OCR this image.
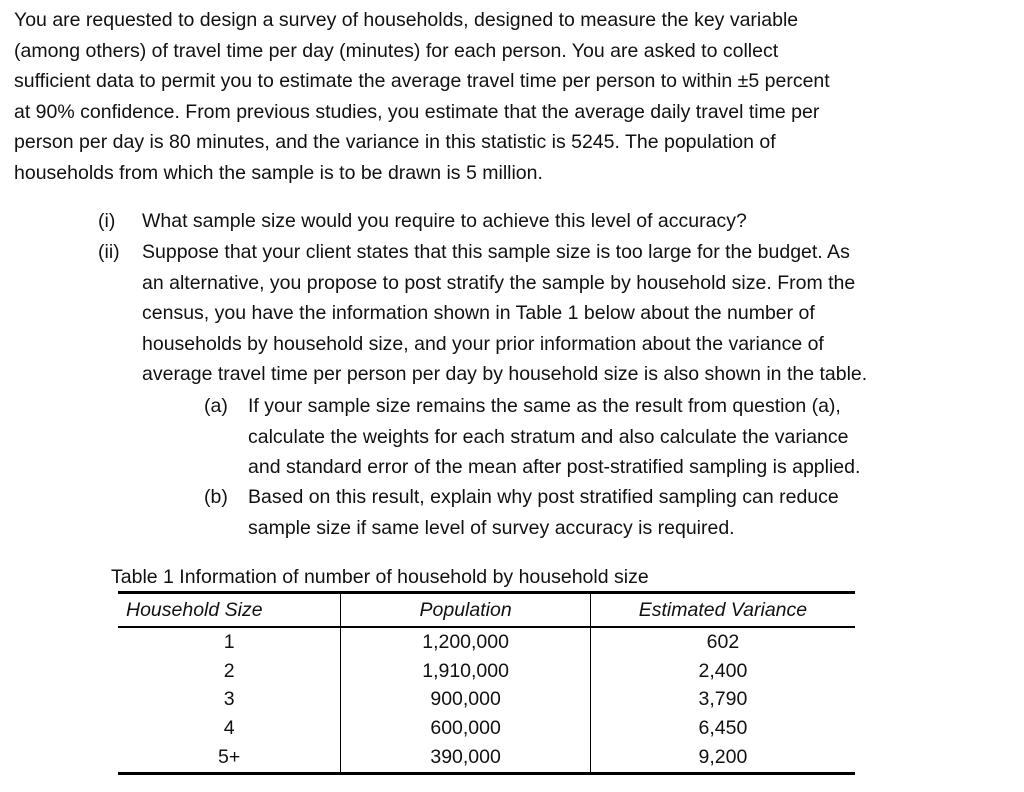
You are requested to design a survey of households, designed to measure the key variable
(among others) of travel time per day (minutes) for each person. You are asked to collect
sufficient data to permit you to estimate the average travel time per person to within ±5 percent
at 90% confidence. From previous studies, you estimate that the average daily travel time per
person per day is 80 minutes, and the variance in this statistic is 5245. The population of
households from which the sample is to be drawn is 5 million.

(i) What sample size would you require to achieve this level of accuracy?
(ii) Suppose that your client states that this sample size is too large for the budget. As
an alternative, you propose to post stratify the sample by household size. From the
census, you have the information shown in Table 1 below about the number of
households by household size, and your prior information about the variance of
average travel time per person per day by household size is also shown in the table.
(a) If your sample size remains the same as the result from question (a),
calculate the weights for each stratum and also calculate the variance
and standard error of the mean after post-stratified sampling is applied.
(b) Based on this result, explain why post stratified sampling can reduce
sample size if same level of survey accuracy is required.

Table 1 Information of number of household by household size

Household Size	Population	Estimated Variance
1	1,200,000	602
2	1,910,000	2,400
3	900,000	3,790
4	600,000	6,450
5+	390,000	9,200
